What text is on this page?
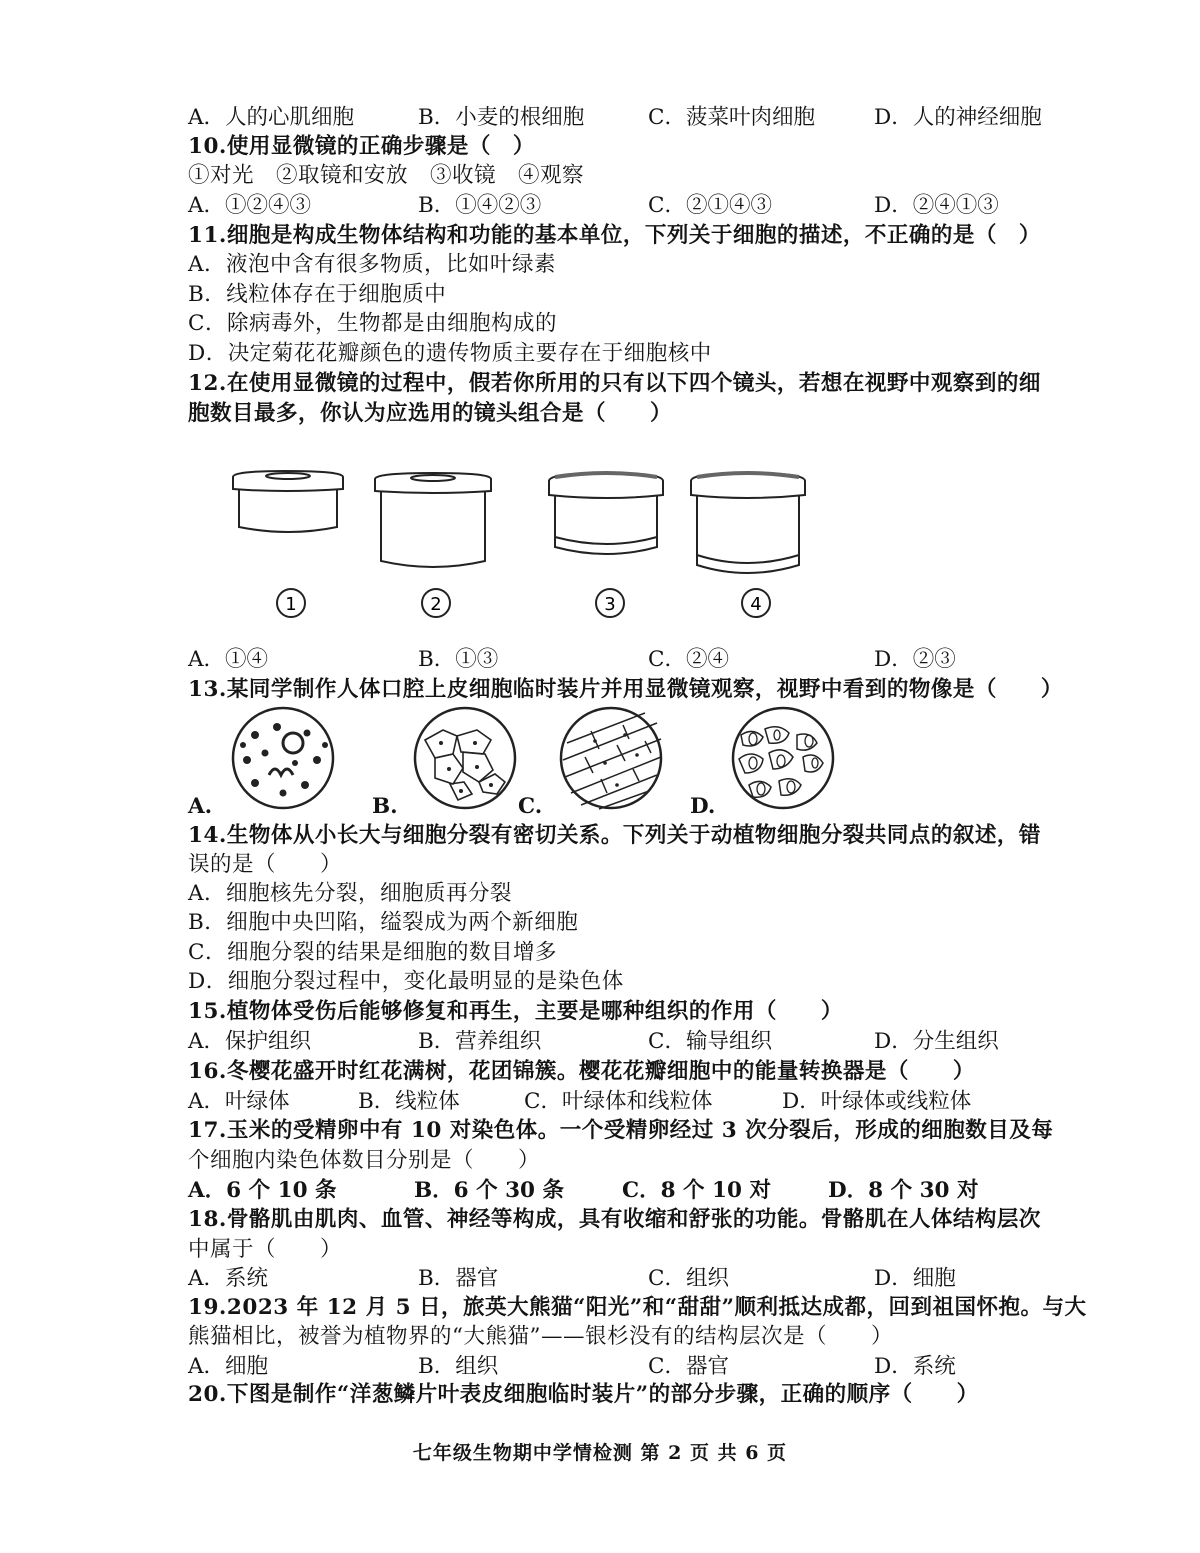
A．人的心肌细胞	B．小麦的根细胞	C．菠菜叶肉细胞	D．人的神经细胞
10.使用显微镜的正确步骤是（　）
①对光　②取镜和安放　③收镜　④观察
A．①②④③	B．①④②③	C．②①④③	D．②④①③
11.细胞是构成生物体结构和功能的基本单位，下列关于细胞的描述，不正确的是（　）
A．液泡中含有很多物质，比如叶绿素
B．线粒体存在于细胞质中
C．除病毒外，生物都是由细胞构成的
D．决定菊花花瓣颜色的遗传物质主要存在于细胞核中
12.在使用显微镜的过程中，假若你所用的只有以下四个镜头，若想在视野中观察到的细
胞数目最多，你认为应选用的镜头组合是（　　）
1	2	3	4
A．①④	B．①③	C．②④	D．②③
13.某同学制作人体口腔上皮细胞临时装片并用显微镜观察，视野中看到的物像是（　　）
A.	B.	C.	D.
14.生物体从小长大与细胞分裂有密切关系。下列关于动植物细胞分裂共同点的叙述，错
误的是（　　）
A．细胞核先分裂，细胞质再分裂
B．细胞中央凹陷，缢裂成为两个新细胞
C．细胞分裂的结果是细胞的数目增多
D．细胞分裂过程中，变化最明显的是染色体
15.植物体受伤后能够修复和再生，主要是哪种组织的作用（　　）
A．保护组织	B．营养组织	C．输导组织	D．分生组织
16.冬樱花盛开时红花满树，花团锦簇。樱花花瓣细胞中的能量转换器是（　　）
A．叶绿体	B．线粒体	C．叶绿体和线粒体	D．叶绿体或线粒体
17.玉米的受精卵中有 10 对染色体。一个受精卵经过 3 次分裂后，形成的细胞数目及每
个细胞内染色体数目分别是（　　）
A．6 个 10 条	B．6 个 30 条	C．8 个 10 对	D．8 个 30 对
18.骨骼肌由肌肉、血管、神经等构成，具有收缩和舒张的功能。骨骼肌在人体结构层次
中属于（　　）
A．系统	B．器官	C．组织	D．细胞
19.2023 年 12 月 5 日，旅英大熊猫“阳光”和“甜甜”顺利抵达成都，回到祖国怀抱。与大
熊猫相比，被誉为植物界的“大熊猫”——银杉没有的结构层次是（　　）
A．细胞	B．组织	C．器官	D．系统
20.下图是制作“洋葱鳞片叶表皮细胞临时装片”的部分步骤，正确的顺序（　　）
七年级生物期中学情检测 第 2 页 共 6 页
